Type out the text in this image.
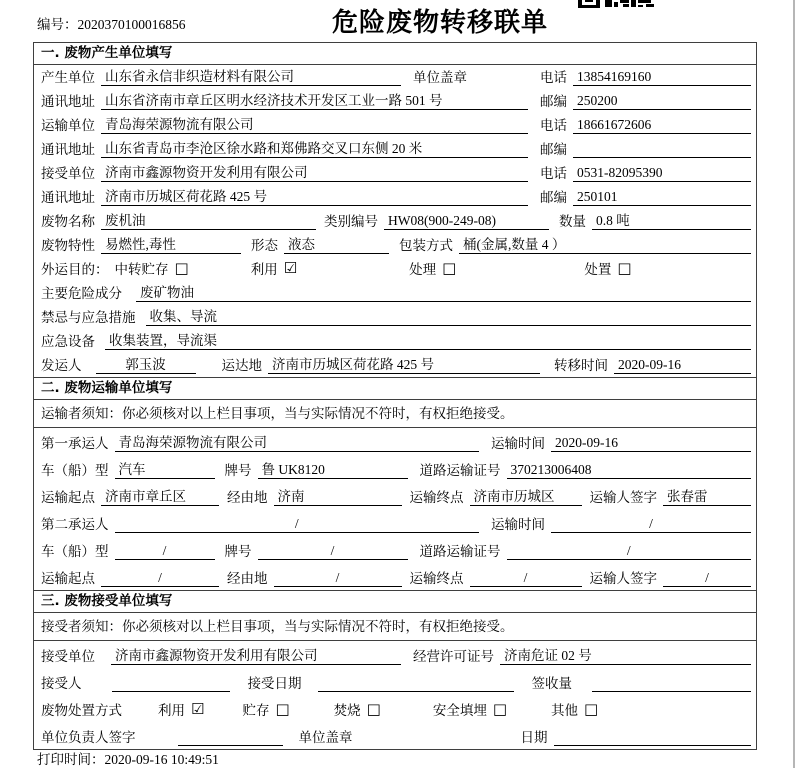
编号：2020370100016856	危险废物转移联单
一. 废物产生单位填写
产生单位 山东省永信非织造材料有限公司	单位盖章	电话 13854169160
通讯地址 山东省济南市章丘区明水经济技术开发区工业一路 501 号	邮编 250200
运输单位 青岛海荣源物流有限公司	电话 18661672606
通讯地址 山东省青岛市李沧区徐水路和郑佛路交叉口东侧 20 米	邮编
接受单位 济南市鑫源物资开发利用有限公司	电话 0531-82095390
通讯地址 济南市历城区荷花路 425 号	邮编 250101
废物名称 废机油	类别编号 HW08(900-249-08)	数量 0.8 吨
废物特性 易燃性,毒性	形态 液态	包装方式 桶(金属,数量 4 ）
外运目的： 中转贮存 □	利用 ☑	处理 □	处置 □
主要危险成分 废矿物油
禁忌与应急措施 收集、导流
应急设备 收集装置，导流渠
发运人	郭玉波	运达地 济南市历城区荷花路 425 号	转移时间 2020-09-16
二. 废物运输单位填写
运输者须知：你必须核对以上栏目事项，当与实际情况不符时，有权拒绝接受。
第一承运人 青岛海荣源物流有限公司	运输时间 2020-09-16
车（船）型 汽车	牌号 鲁 UK8120	道路运输证号 370213006408
运输起点 济南市章丘区	经由地 济南	运输终点 济南市历城区	运输人签字 张春雷
第二承运人	/	运输时间	/
车（船）型	/	牌号	/	道路运输证号	/
运输起点	/	经由地	/	运输终点	/	运输人签字	/
三. 废物接受单位填写
接受者须知：你必须核对以上栏目事项，当与实际情况不符时，有权拒绝接受。
接受单位 济南市鑫源物资开发利用有限公司	经营许可证号 济南危证 02 号
接受人	接受日期	签收量
废物处置方式	利用 ☑	贮存 □	焚烧 □	安全填埋 □	其他 □
单位负责人签字	单位盖章	日期
打印时间：2020-09-16 10:49:51
